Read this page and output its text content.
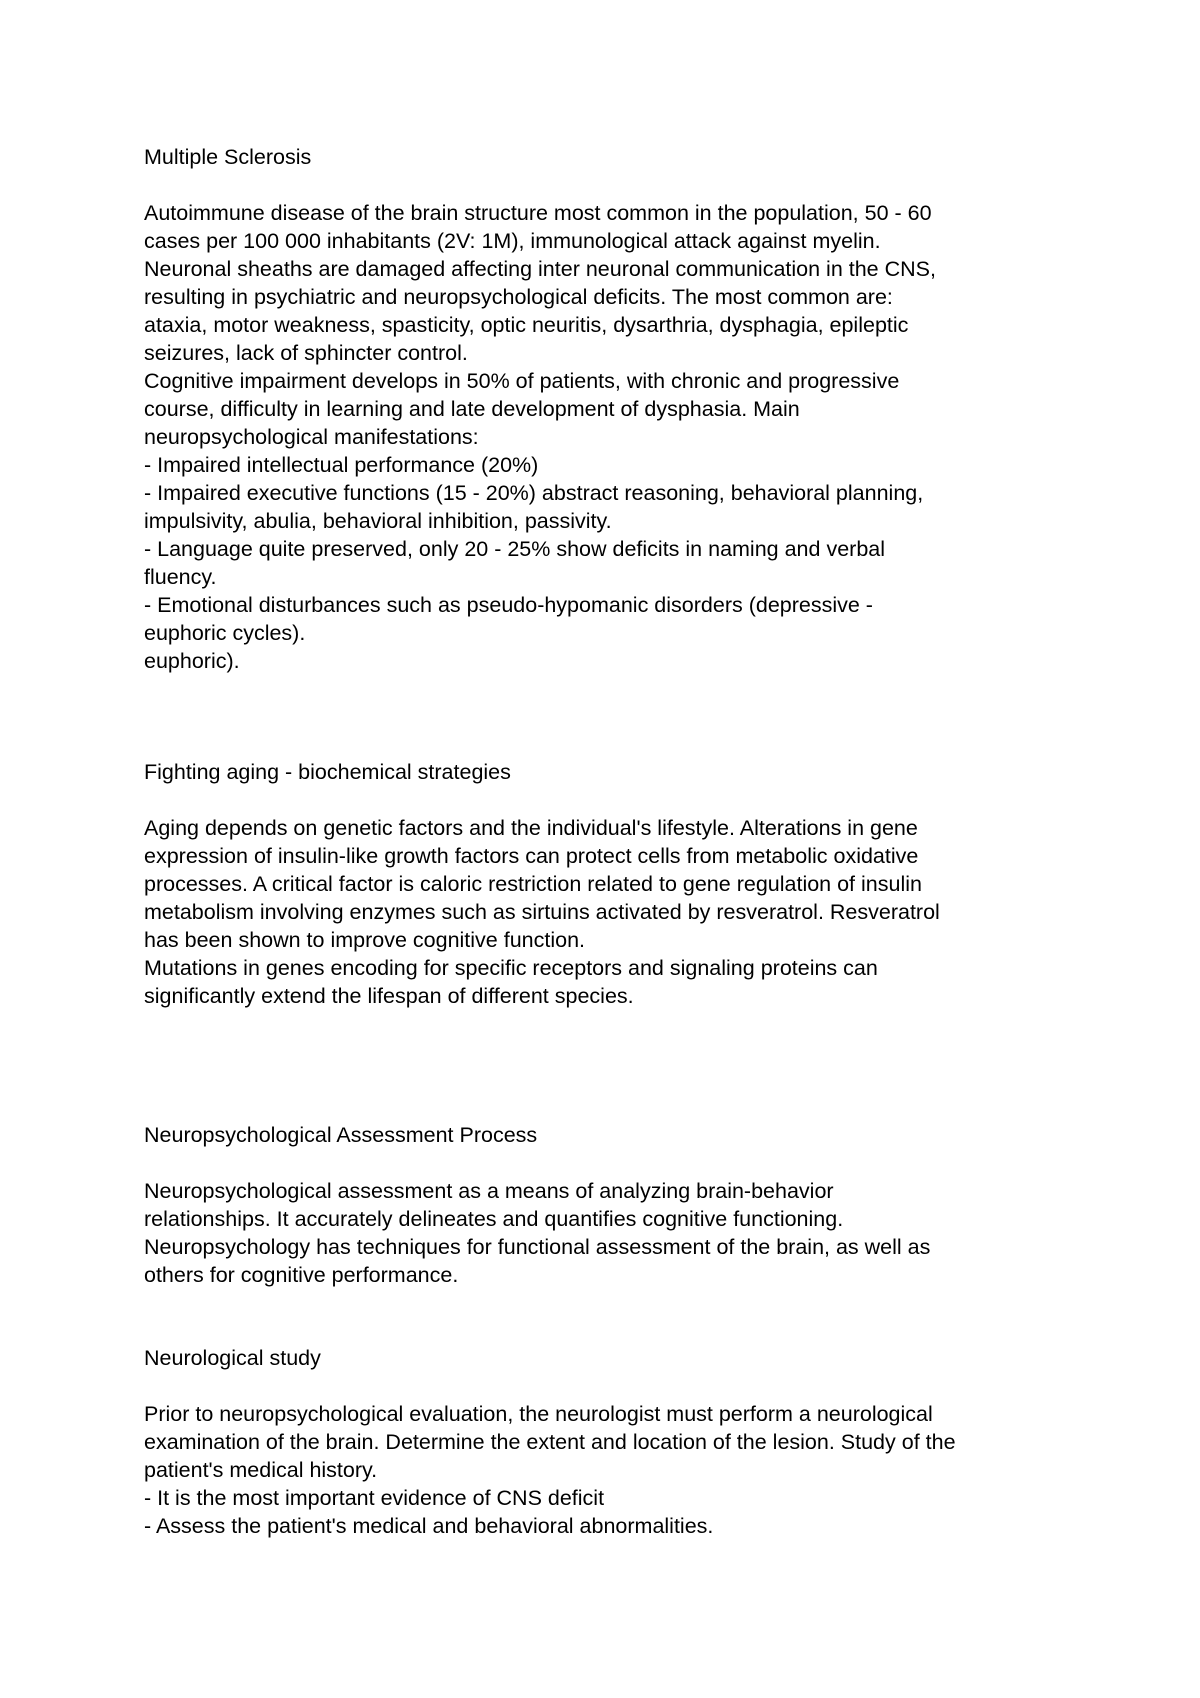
Multiple Sclerosis
Autoimmune disease of the brain structure most common in the population, 50 - 60
cases per 100 000 inhabitants (2V: 1M), immunological attack against myelin.
Neuronal sheaths are damaged affecting inter neuronal communication in the CNS,
resulting in psychiatric and neuropsychological deficits. The most common are:
ataxia, motor weakness, spasticity, optic neuritis, dysarthria, dysphagia, epileptic
seizures, lack of sphincter control.
Cognitive impairment develops in 50% of patients, with chronic and progressive
course, difficulty in learning and late development of dysphasia. Main
neuropsychological manifestations:
- Impaired intellectual performance (20%)
- Impaired executive functions (15 - 20%) abstract reasoning, behavioral planning,
impulsivity, abulia, behavioral inhibition, passivity.
- Language quite preserved, only 20 - 25% show deficits in naming and verbal
fluency.
- Emotional disturbances such as pseudo-hypomanic disorders (depressive -
euphoric cycles).
euphoric).
Fighting aging - biochemical strategies
Aging depends on genetic factors and the individual's lifestyle. Alterations in gene
expression of insulin-like growth factors can protect cells from metabolic oxidative
processes. A critical factor is caloric restriction related to gene regulation of insulin
metabolism involving enzymes such as sirtuins activated by resveratrol. Resveratrol
has been shown to improve cognitive function.
Mutations in genes encoding for specific receptors and signaling proteins can
significantly extend the lifespan of different species.
Neuropsychological Assessment Process
Neuropsychological assessment as a means of analyzing brain-behavior
relationships. It accurately delineates and quantifies cognitive functioning.
Neuropsychology has techniques for functional assessment of the brain, as well as
others for cognitive performance.
Neurological study
Prior to neuropsychological evaluation, the neurologist must perform a neurological
examination of the brain. Determine the extent and location of the lesion. Study of the
patient's medical history.
- It is the most important evidence of CNS deficit
- Assess the patient's medical and behavioral abnormalities.
